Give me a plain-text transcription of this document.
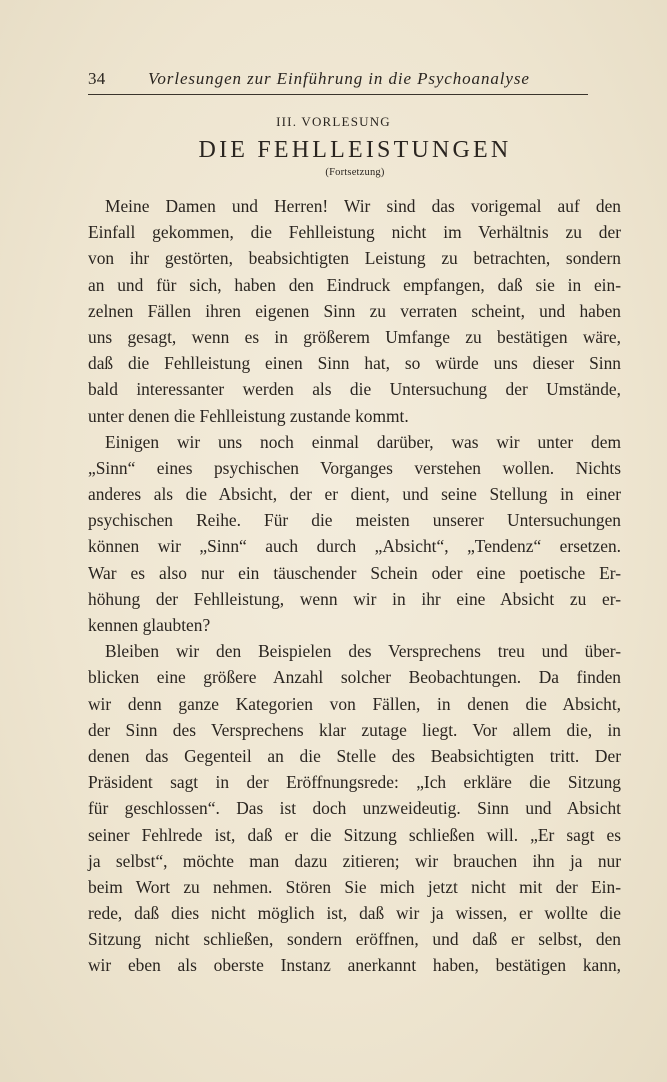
34 Vorlesungen zur Einführung in die Psychoanalyse
III. VORLESUNG
DIE FEHLLEISTUNGEN
(Fortsetzung)
Meine Damen und Herren! Wir sind das vorigemal auf den
Einfall gekommen, die Fehlleistung nicht im Verhältnis zu der
von ihr gestörten, beabsichtigten Leistung zu betrachten, sondern
an und für sich, haben den Eindruck empfangen, daß sie in ein-
zelnen Fällen ihren eigenen Sinn zu verraten scheint, und haben
uns gesagt, wenn es in größerem Umfange zu bestätigen wäre,
daß die Fehlleistung einen Sinn hat, so würde uns dieser Sinn
bald interessanter werden als die Untersuchung der Umstände,
unter denen die Fehlleistung zustande kommt.
Einigen wir uns noch einmal darüber, was wir unter dem
„Sinn“ eines psychischen Vorganges verstehen wollen. Nichts
anderes als die Absicht, der er dient, und seine Stellung in einer
psychischen Reihe. Für die meisten unserer Untersuchungen
können wir „Sinn“ auch durch „Absicht“, „Tendenz“ ersetzen.
War es also nur ein täuschender Schein oder eine poetische Er-
höhung der Fehlleistung, wenn wir in ihr eine Absicht zu er-
kennen glaubten?
Bleiben wir den Beispielen des Versprechens treu und über-
blicken eine größere Anzahl solcher Beobachtungen. Da finden
wir denn ganze Kategorien von Fällen, in denen die Absicht,
der Sinn des Versprechens klar zutage liegt. Vor allem die, in
denen das Gegenteil an die Stelle des Beabsichtigten tritt. Der
Präsident sagt in der Eröffnungsrede: „Ich erkläre die Sitzung
für geschlossen“. Das ist doch unzweideutig. Sinn und Absicht
seiner Fehlrede ist, daß er die Sitzung schließen will. „Er sagt es
ja selbst“, möchte man dazu zitieren; wir brauchen ihn ja nur
beim Wort zu nehmen. Stören Sie mich jetzt nicht mit der Ein-
rede, daß dies nicht möglich ist, daß wir ja wissen, er wollte die
Sitzung nicht schließen, sondern eröffnen, und daß er selbst, den
wir eben als oberste Instanz anerkannt haben, bestätigen kann,
